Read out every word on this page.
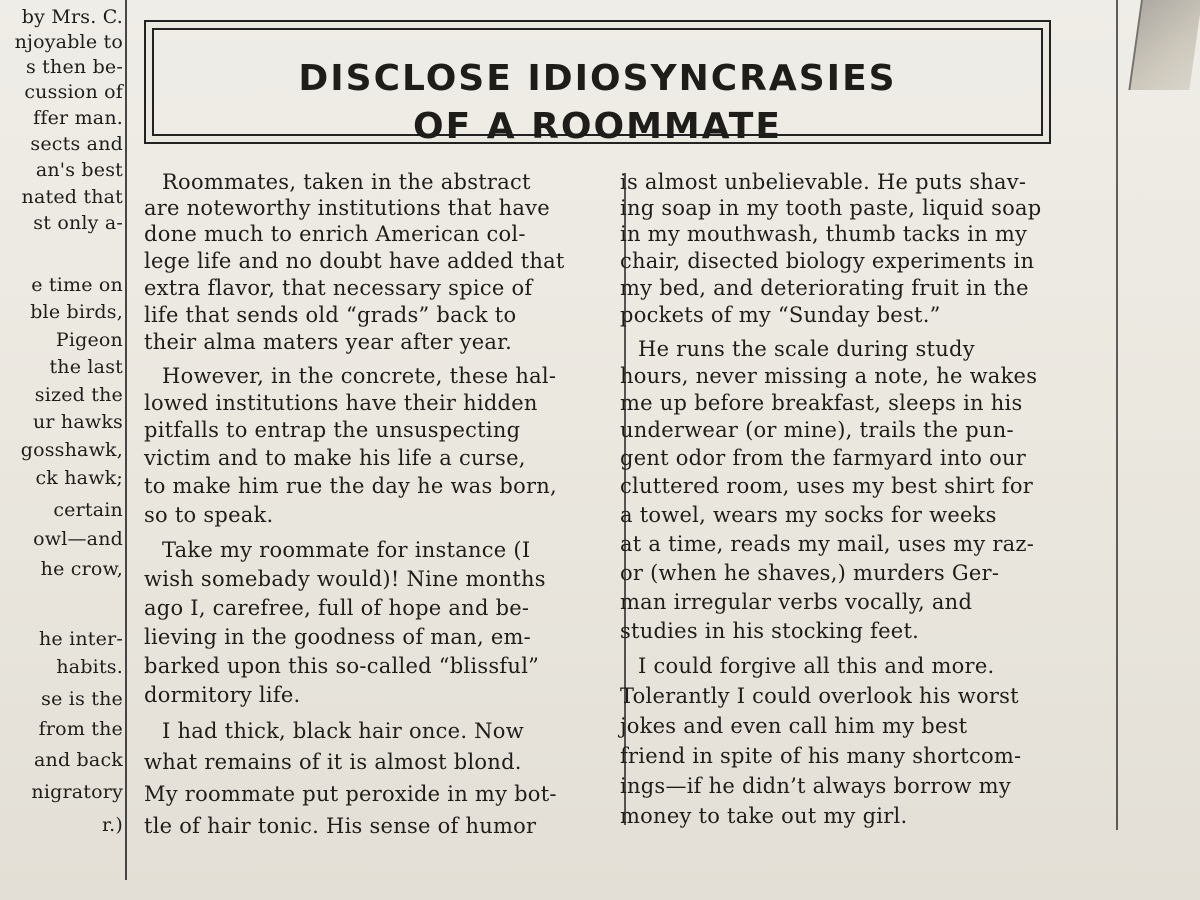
by Mrs. C.
njoyable to
s then be-
cussion of
ffer man.
sects and
an's best
nated that
st only a-
e time on
ble birds,
Pigeon
the last
sized the
ur hawks
gosshawk,
ck hawk;
certain
owl—and
he crow,
he inter-
habits.
se is the
from the
and back
nigratory
r.)
DISCLOSE IDIOSYNCRASIES
OF A ROOMMATE
Roommates, taken in the abstract
are noteworthy institutions that have
done much to enrich American col-
lege life and no doubt have added that
extra flavor, that necessary spice of
life that sends old “grads” back to
their alma maters year after year.
However, in the concrete, these hal-
lowed institutions have their hidden
pitfalls to entrap the unsuspecting
victim and to make his life a curse,
to make him rue the day he was born,
so to speak.
Take my roommate for instance (I
wish somebady would)! Nine months
ago I, carefree, full of hope and be-
lieving in the goodness of man, em-
barked upon this so-called “blissful”
dormitory life.
I had thick, black hair once. Now
what remains of it is almost blond.
My roommate put peroxide in my bot-
tle of hair tonic. His sense of humor
is almost unbelievable. He puts shav-
ing soap in my tooth paste, liquid soap
in my mouthwash, thumb tacks in my
chair, disected biology experiments in
my bed, and deteriorating fruit in the
pockets of my “Sunday best.”
He runs the scale during study
hours, never missing a note, he wakes
me up before breakfast, sleeps in his
underwear (or mine), trails the pun-
gent odor from the farmyard into our
cluttered room, uses my best shirt for
a towel, wears my socks for weeks
at a time, reads my mail, uses my raz-
or (when he shaves,) murders Ger-
man irregular verbs vocally, and
studies in his stocking feet.
I could forgive all this and more.
Tolerantly I could overlook his worst
jokes and even call him my best
friend in spite of his many shortcom-
ings—if he didn’t always borrow my
money to take out my girl.
